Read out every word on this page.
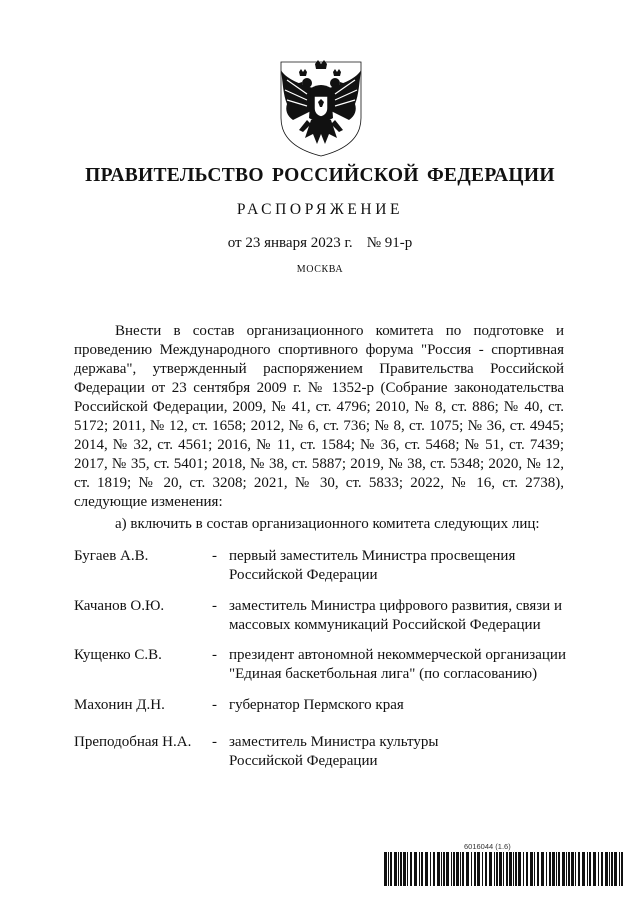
ПРАВИТЕЛЬСТВО РОССИЙСКОЙ ФЕДЕРАЦИИ
РАСПОРЯЖЕНИЕ
от 23 января 2023 г. № 91-р
МОСКВА

Внести в состав организационного комитета по подготовке и проведению Международного спортивного форума "Россия - спортивная держава", утвержденный распоряжением Правительства Российской Федерации от 23 сентября 2009 г. № 1352-р (Собрание законодательства Российской Федерации, 2009, № 41, ст. 4796; 2010, № 8, ст. 886; № 40, ст. 5172; 2011, № 12, ст. 1658; 2012, № 6, ст. 736; № 8, ст. 1075; № 36, ст. 4945; 2014, № 32, ст. 4561; 2016, № 11, ст. 1584; № 36, ст. 5468; № 51, ст. 7439; 2017, № 35, ст. 5401; 2018, № 38, ст. 5887; 2019, № 38, ст. 5348; 2020, № 12, ст. 1819; № 20, ст. 3208; 2021, № 30, ст. 5833; 2022, № 16, ст. 2738), следующие изменения:

а) включить в состав организационного комитета следующих лиц:

Бугаев А.В.	- первый заместитель Министра просвещения
Российской Федерации
Качанов О.Ю.	- заместитель Министра цифрового развития, связи и
массовых коммуникаций Российской Федерации
Кущенко С.В.	- президент автономной некоммерческой организации
"Единая баскетбольная лига" (по согласованию)
Махонин Д.Н.	- губернатор Пермского края
Преподобная Н.А. - заместитель Министра культуры
Российской Федерации
6016044 (1.6)
